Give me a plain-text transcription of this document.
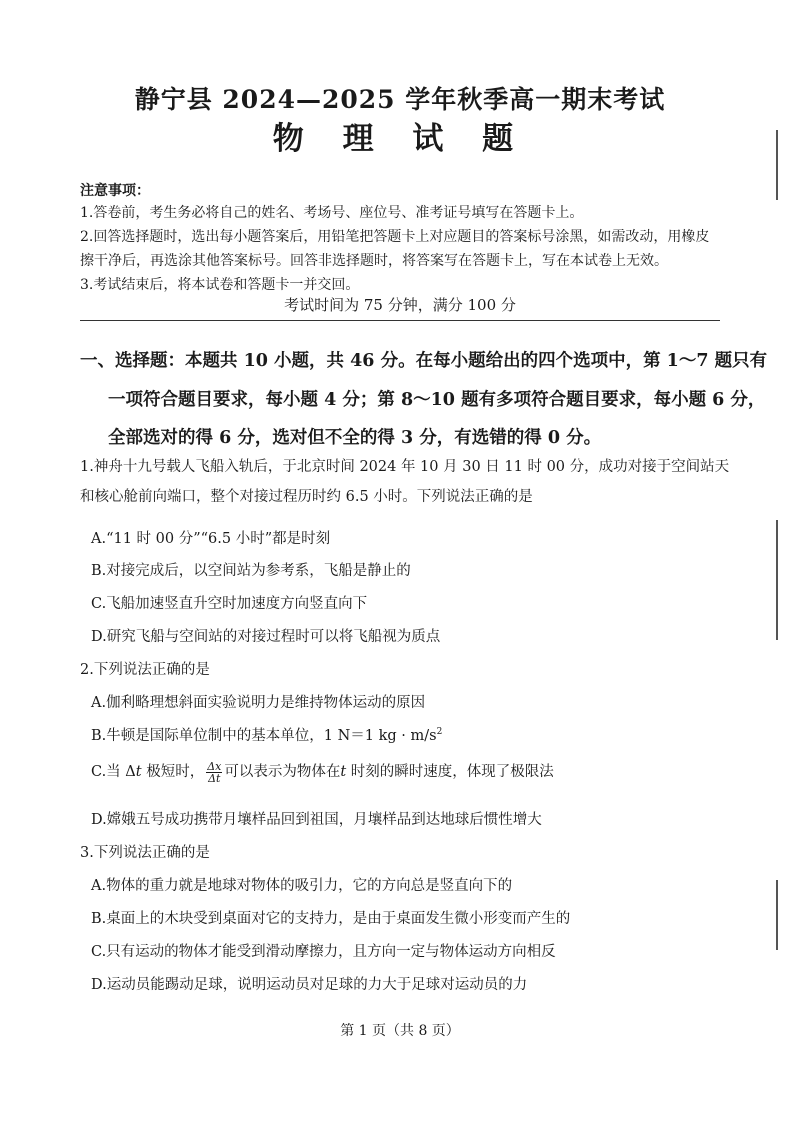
静宁县 2024—2025 学年秋季高一期末考试
物 理 试 题
注意事项：
1.答卷前，考生务必将自己的姓名、考场号、座位号、准考证号填写在答题卡上。
2.回答选择题时，选出每小题答案后，用铅笔把答题卡上对应题目的答案标号涂黑，如需改动，用橡皮擦干净后，再选涂其他答案标号。回答非选择题时，将答案写在答题卡上，写在本试卷上无效。
3.考试结束后，将本试卷和答题卡一并交回。
考试时间为 75 分钟，满分 100 分
一、选择题：本题共 10 小题，共 46 分。在每小题给出的四个选项中，第 1～7 题只有
一项符合题目要求，每小题 4 分；第 8～10 题有多项符合题目要求，每小题 6 分，
全部选对的得 6 分，选对但不全的得 3 分，有选错的得 0 分。
1.神舟十九号载人飞船入轨后，于北京时间 2024 年 10 月 30 日 11 时 00 分，成功对接于空间站天和核心舱前向端口，整个对接过程历时约 6.5 小时。下列说法正确的是
A.“11 时 00 分”“6.5 小时”都是时刻
B.对接完成后，以空间站为参考系，飞船是静止的
C.飞船加速竖直升空时加速度方向竖直向下
D.研究飞船与空间站的对接过程时可以将飞船视为质点
2.下列说法正确的是
A.伽利略理想斜面实验说明力是维持物体运动的原因
B.牛顿是国际单位制中的基本单位，1 N＝1 kg · $m/s^2$
C.当 Δt 极短时， $\frac{\Delta x}{\Delta t}$ 可以表示为物体在t 时刻的瞬时速度，体现了极限法
D.嫦娥五号成功携带月壤样品回到祖国，月壤样品到达地球后惯性增大
3.下列说法正确的是
A.物体的重力就是地球对物体的吸引力，它的方向总是竖直向下的
B.桌面上的木块受到桌面对它的支持力，是由于桌面发生微小形变而产生的
C.只有运动的物体才能受到滑动摩擦力，且方向一定与物体运动方向相反
D.运动员能踢动足球，说明运动员对足球的力大于足球对运动员的力
第 1 页（共 8 页）
